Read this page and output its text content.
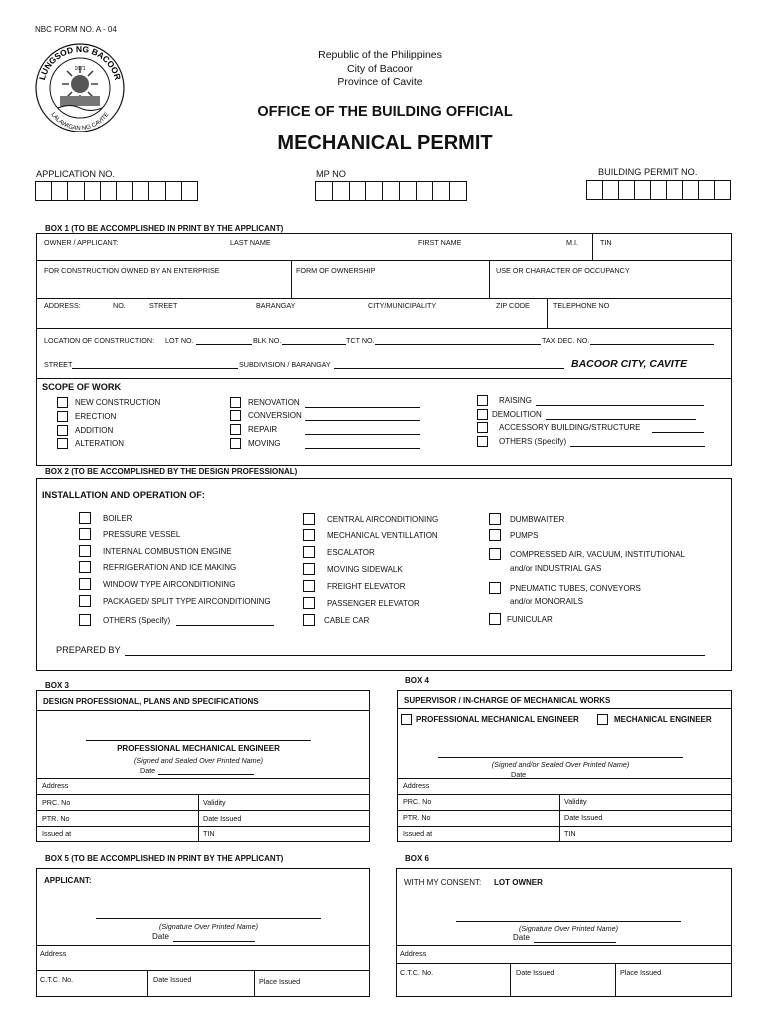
NBC FORM NO. A - 04
LUNGSOD NG BACOOR
LALAWIGAN NG CAVITE
1671
Republic of the Philippines
City of Bacoor
Province of Cavite
OFFICE OF THE BUILDING OFFICIAL
MECHANICAL PERMIT
APPLICATION NO.	MP NO	BUILDING PERMIT NO.
BOX 1 (TO BE ACCOMPLISHED IN PRINT BY THE APPLICANT)
OWNER / APPLICANT:	LAST NAME	FIRST NAME	M.I.	TIN
FOR CONSTRUCTION OWNED BY AN ENTERPRISE	FORM OF OWNERSHIP	USE OR CHARACTER OF OCCUPANCY
ADDRESS:	NO.	STREET	BARANGAY	CITY/MUNICIPALITY	ZIP CODE	TELEPHONE NO
LOCATION OF CONSTRUCTION: LOT NO.	BLK NO.	TCT NO.	TAX DEC. NO.
STREET	SUBDIVISION / BARANGAY	BACOOR CITY, CAVITE
SCOPE OF WORK
NEW CONSTRUCTION
ERECTION
ADDITION
ALTERATION
RENOVATION
CONVERSION
REPAIR
MOVING
RAISING
DEMOLITION
ACCESSORY BUILDING/STRUCTURE
OTHERS (Specify)
BOX 2 (TO BE ACCOMPLISHED BY THE DESIGN PROFESSIONAL)
INSTALLATION AND OPERATION OF:
BOILER
PRESSURE VESSEL
INTERNAL COMBUSTION ENGINE
REFRIGERATION AND ICE MAKING
WINDOW TYPE AIRCONDITIONING
PACKAGED/ SPLIT TYPE AIRCONDITIONING
OTHERS (Specify)
CENTRAL AIRCONDITIONING
MECHANICAL VENTILLATION
ESCALATOR
MOVING SIDEWALK
FREIGHT ELEVATOR
PASSENGER ELEVATOR
CABLE CAR
DUMBWAITER
PUMPS
COMPRESSED AIR, VACUUM, INSTITUTIONAL
and/or INDUSTRIAL GAS
PNEUMATIC TUBES, CONVEYORS
and/or MONORAILS
FUNICULAR
PREPARED BY
BOX 3
DESIGN PROFESSIONAL, PLANS AND SPECIFICATIONS
PROFESSIONAL MECHANICAL ENGINEER
(Signed and Sealed Over Printed Name)
Date
Address
PRC. No	Validity
PTR. No	Date Issued
Issued at	TIN
BOX 4
SUPERVISOR / IN-CHARGE OF MECHANICAL WORKS
PROFESSIONAL MECHANICAL ENGINEER	MECHANICAL ENGINEER
(Signed and/or Sealed Over Printed Name)
Date
Address
PRC. No	Validity
PTR. No	Date Issued
Issued at	TIN
BOX 5 (TO BE ACCOMPLISHED IN PRINT BY THE APPLICANT)
APPLICANT:
(Signature Over Printed Name)
Date
Address
C.T.C. No.	Date Issued	Place Issued
BOX 6
WITH MY CONSENT: LOT OWNER
(Signature Over Printed Name)
Date
Address
C.T.C. No.	Date Issued	Place Issued
